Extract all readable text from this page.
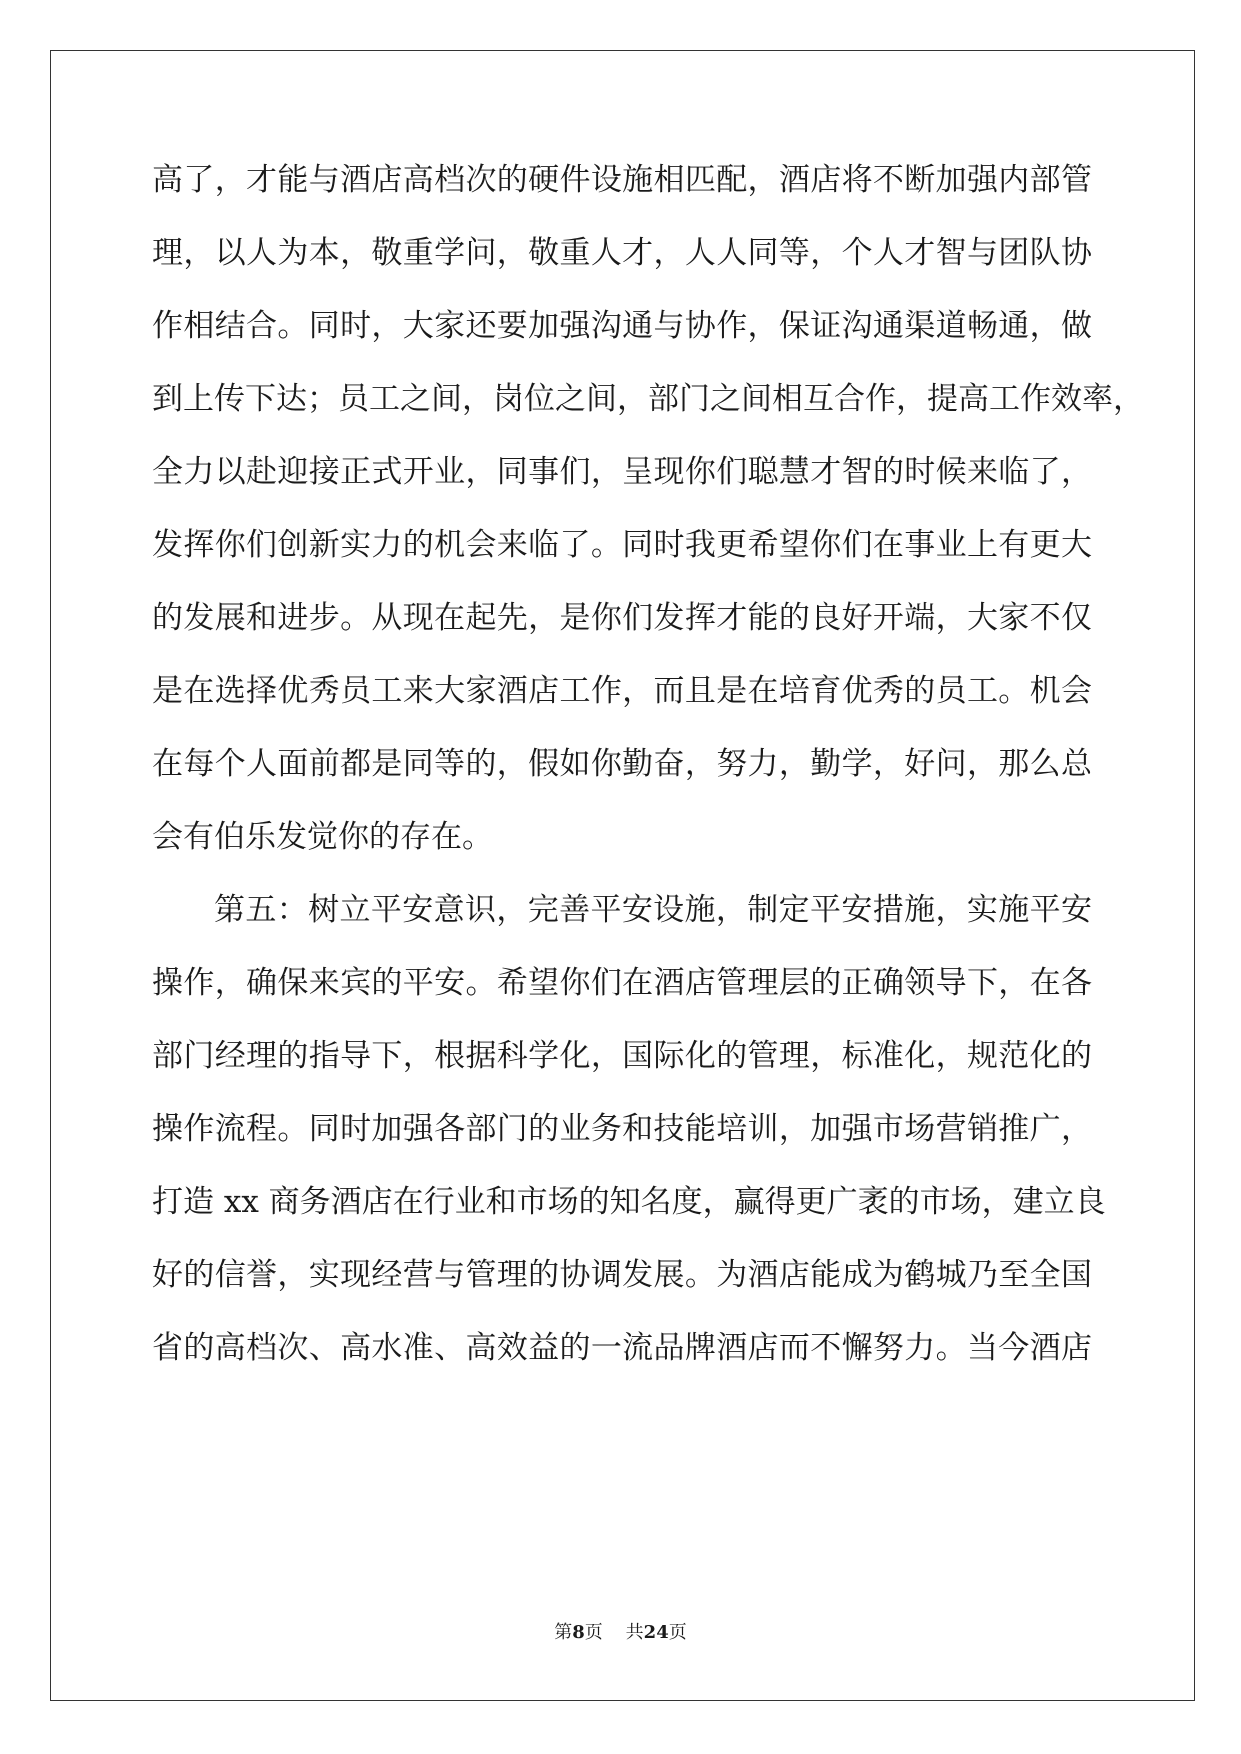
高了，才能与酒店高档次的硬件设施相匹配，酒店将不断加强内部管
理，以人为本，敬重学问，敬重人才，人人同等，个人才智与团队协
作相结合。同时，大家还要加强沟通与协作，保证沟通渠道畅通，做
到上传下达；员工之间，岗位之间，部门之间相互合作，提高工作效率，
全力以赴迎接正式开业，同事们，呈现你们聪慧才智的时候来临了，
发挥你们创新实力的机会来临了。同时我更希望你们在事业上有更大
的发展和进步。从现在起先，是你们发挥才能的良好开端，大家不仅
是在选择优秀员工来大家酒店工作，而且是在培育优秀的员工。机会
在每个人面前都是同等的，假如你勤奋，努力，勤学，好问，那么总
会有伯乐发觉你的存在。
第五：树立平安意识，完善平安设施，制定平安措施，实施平安
操作，确保来宾的平安。希望你们在酒店管理层的正确领导下，在各
部门经理的指导下，根据科学化，国际化的管理，标准化，规范化的
操作流程。同时加强各部门的业务和技能培训，加强市场营销推广，
打造 xx 商务酒店在行业和市场的知名度，赢得更广袤的市场，建立良
好的信誉，实现经营与管理的协调发展。为酒店能成为鹤城乃至全国
省的高档次、高水准、高效益的一流品牌酒店而不懈努力。当今酒店
第8页 共24页
